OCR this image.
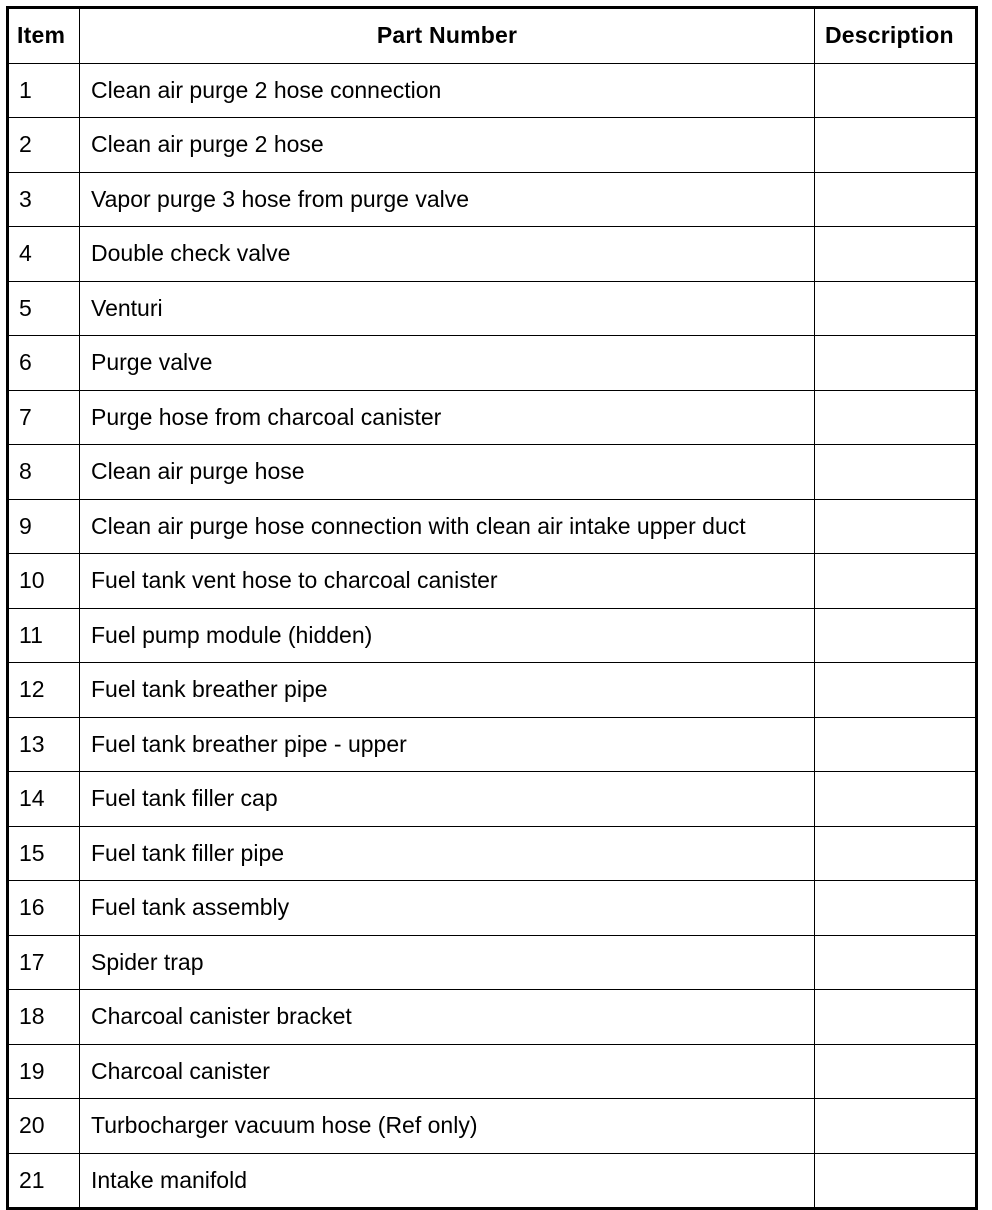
Item	Part Number	Description
1	Clean air purge 2 hose connection	
2	Clean air purge 2 hose	
3	Vapor purge 3 hose from purge valve	
4	Double check valve	
5	Venturi	
6	Purge valve	
7	Purge hose from charcoal canister	
8	Clean air purge hose	
9	Clean air purge hose connection with clean air intake upper duct	
10	Fuel tank vent hose to charcoal canister	
11	Fuel pump module (hidden)	
12	Fuel tank breather pipe	
13	Fuel tank breather pipe - upper	
14	Fuel tank filler cap	
15	Fuel tank filler pipe	
16	Fuel tank assembly	
17	Spider trap	
18	Charcoal canister bracket	
19	Charcoal canister	
20	Turbocharger vacuum hose (Ref only)	
21	Intake manifold	
